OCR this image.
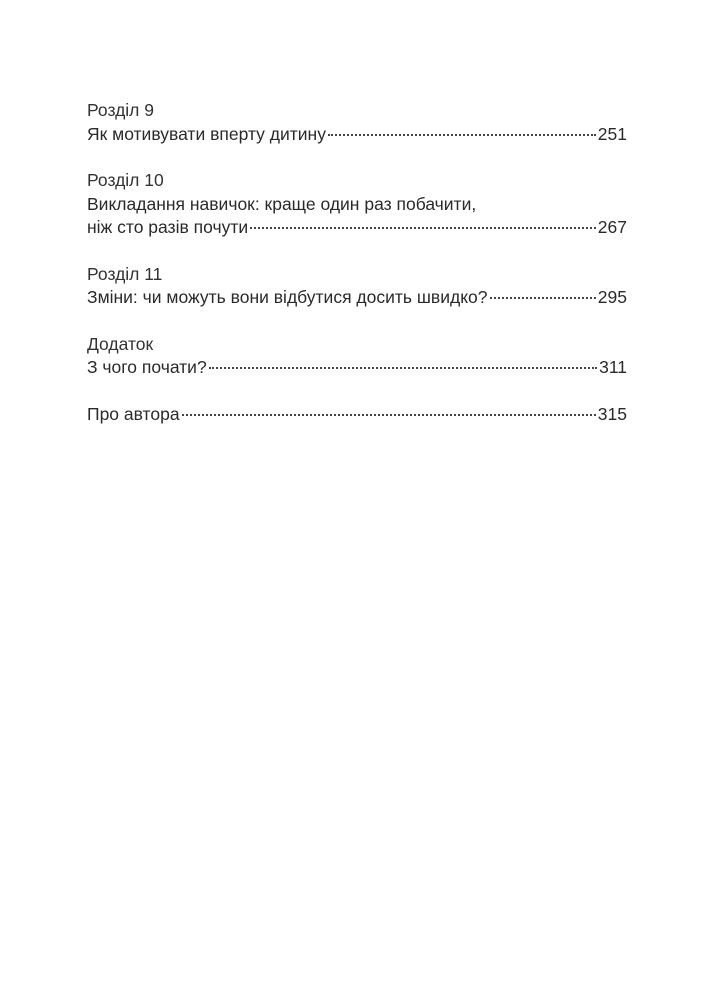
Розділ 9
Як мотивувати вперту дитину	251
Розділ 10
Викладання навичок: краще один раз побачити,
ніж сто разів почути	267
Розділ 11
Зміни: чи можуть вони відбутися досить швидко?	295
Додаток
З чого почати?	311
Про автора	315
